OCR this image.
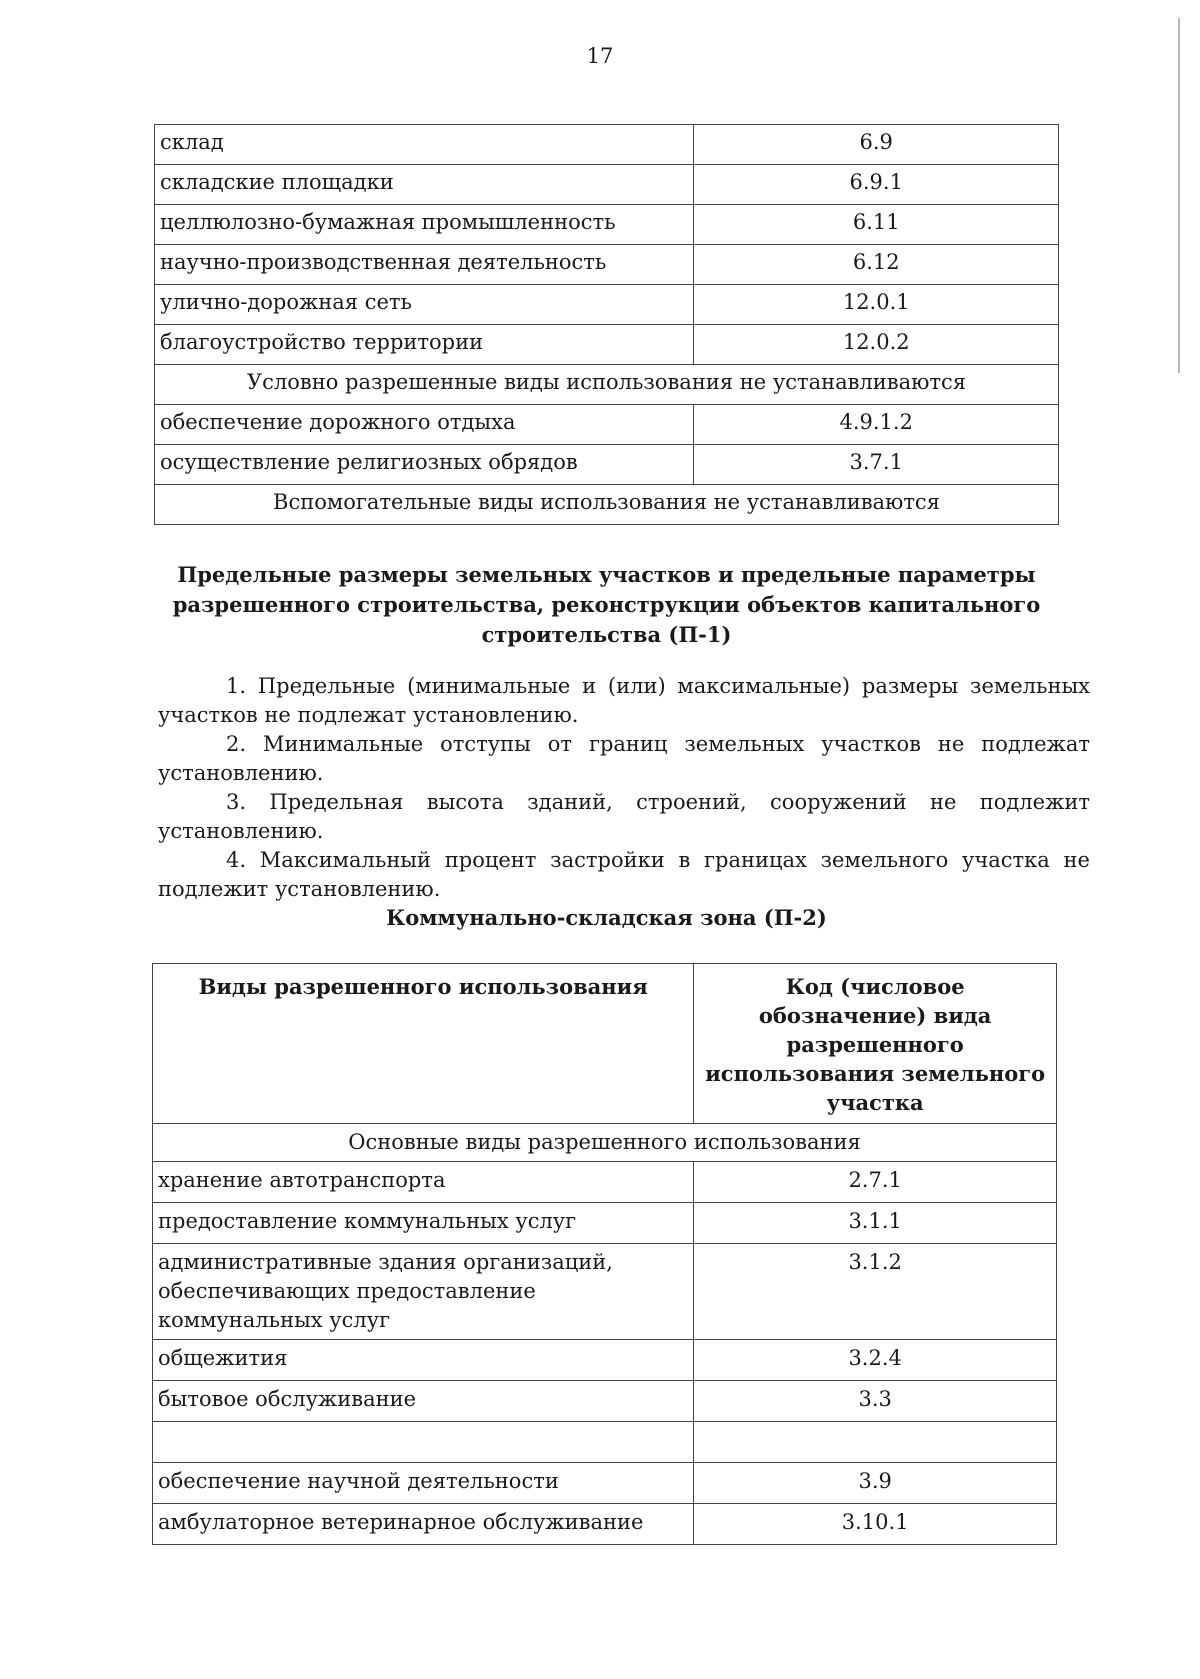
17
склад	6.9
складские площадки	6.9.1
целлюлозно-бумажная промышленность	6.11
научно-производственная деятельность	6.12
улично-дорожная сеть	12.0.1
благоустройство территории	12.0.2
Условно разрешенные виды использования не устанавливаются	
обеспечение дорожного отдыха	4.9.1.2
осуществление религиозных обрядов	3.7.1
Вспомогательные виды использования не устанавливаются	
Предельные размеры земельных участков и предельные параметры разрешенного строительства, реконструкции объектов капитального строительства (П-1)

1. Предельные (минимальные и (или) максимальные) размеры земельных участков не подлежат установлению.

2. Минимальные отступы от границ земельных участков не подлежат установлению.

3. Предельная высота зданий, строений, сооружений не подлежит установлению.

4. Максимальный процент застройки в границах земельного участка не подлежит установлению.

Коммунально-складская зона (П-2)
Виды разрешенного использования	Код (числовое обозначение) вида разрешенного использования земельного участка
Основные виды разрешенного использования	
хранение автотранспорта	2.7.1
предоставление коммунальных услуг	3.1.1
административные здания организаций, обеспечивающих предоставление коммунальных услуг	3.1.2
общежития	3.2.4
бытовое обслуживание	3.3

обеспечение научной деятельности	3.9
амбулаторное ветеринарное обслуживание	3.10.1
